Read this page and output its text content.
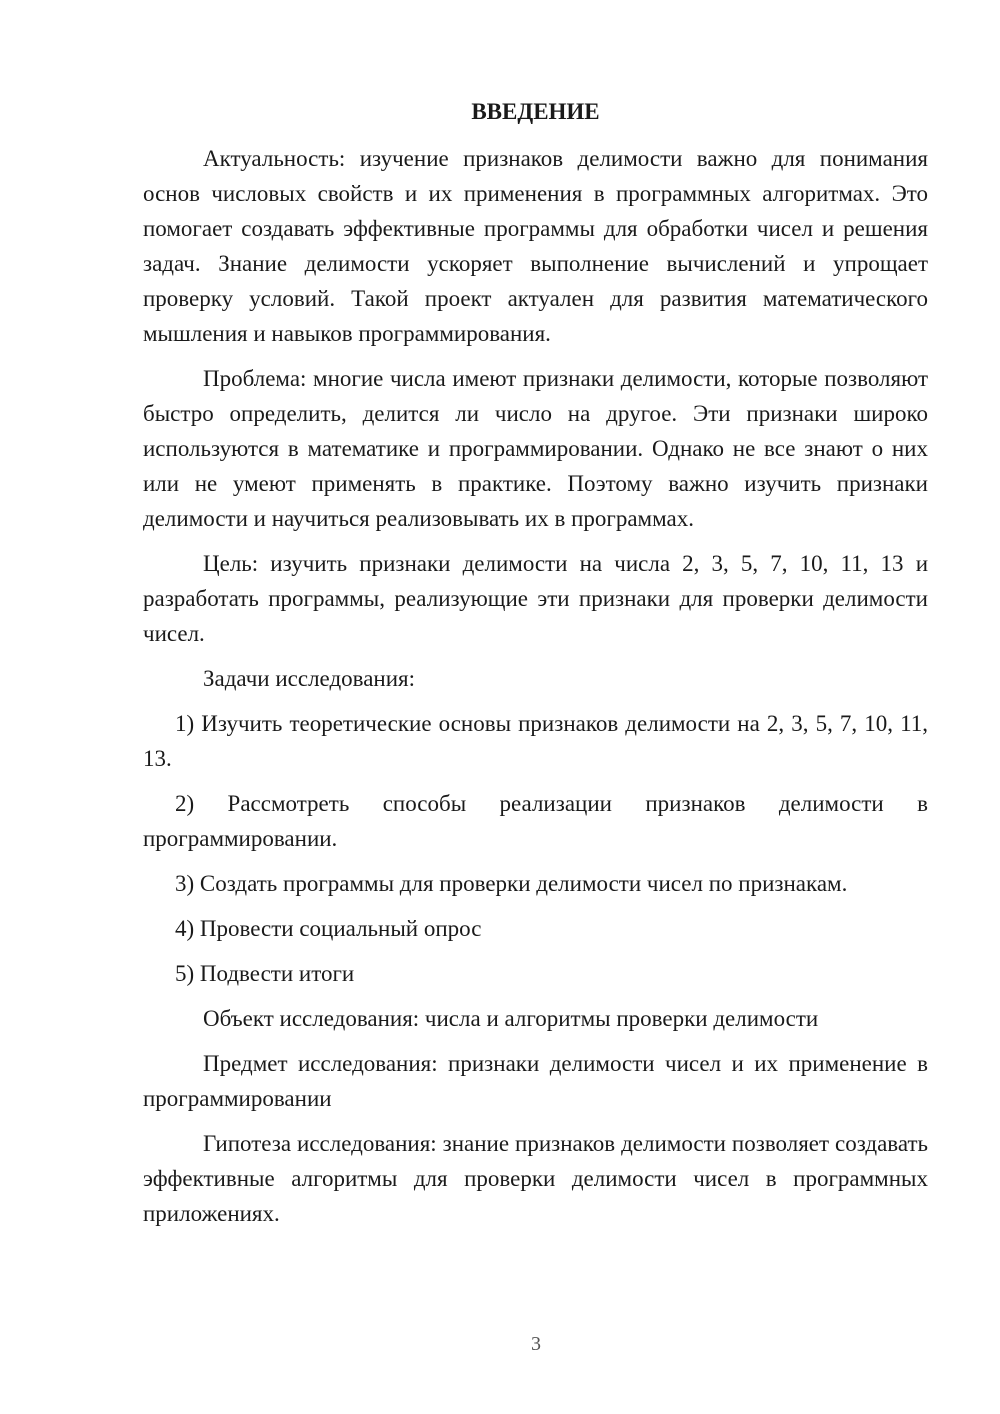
ВВЕДЕНИЕ

Актуальность: изучение признаков делимости важно для понимания основ числовых свойств и их применения в программных алгоритмах. Это помогает создавать эффективные программы для обработки чисел и решения задач. Знание делимости ускоряет выполнение вычислений и упрощает проверку условий. Такой проект актуален для развития математического мышления и навыков программирования.

Проблема: многие числа имеют признаки делимости, которые позволяют быстро определить, делится ли число на другое. Эти признаки широко используются в математике и программировании. Однако не все знают о них или не умеют применять в практике. Поэтому важно изучить признаки делимости и научиться реализовывать их в программах.

Цель: изучить признаки делимости на числа 2, 3, 5, 7, 10, 11, 13 и разработать программы, реализующие эти признаки для проверки делимости чисел.

Задачи исследования:

1) Изучить теоретические основы признаков делимости на 2, 3, 5, 7, 10, 11, 13.

2) Рассмотреть способы реализации признаков делимости в программировании.

3) Создать программы для проверки делимости чисел по признакам.

4) Провести социальный опрос

5) Подвести итоги

Объект исследования: числа и алгоритмы проверки делимости

Предмет исследования: признаки делимости чисел и их применение в программировании

Гипотеза исследования: знание признаков делимости позволяет создавать эффективные алгоритмы для проверки делимости чисел в программных приложениях.

3
